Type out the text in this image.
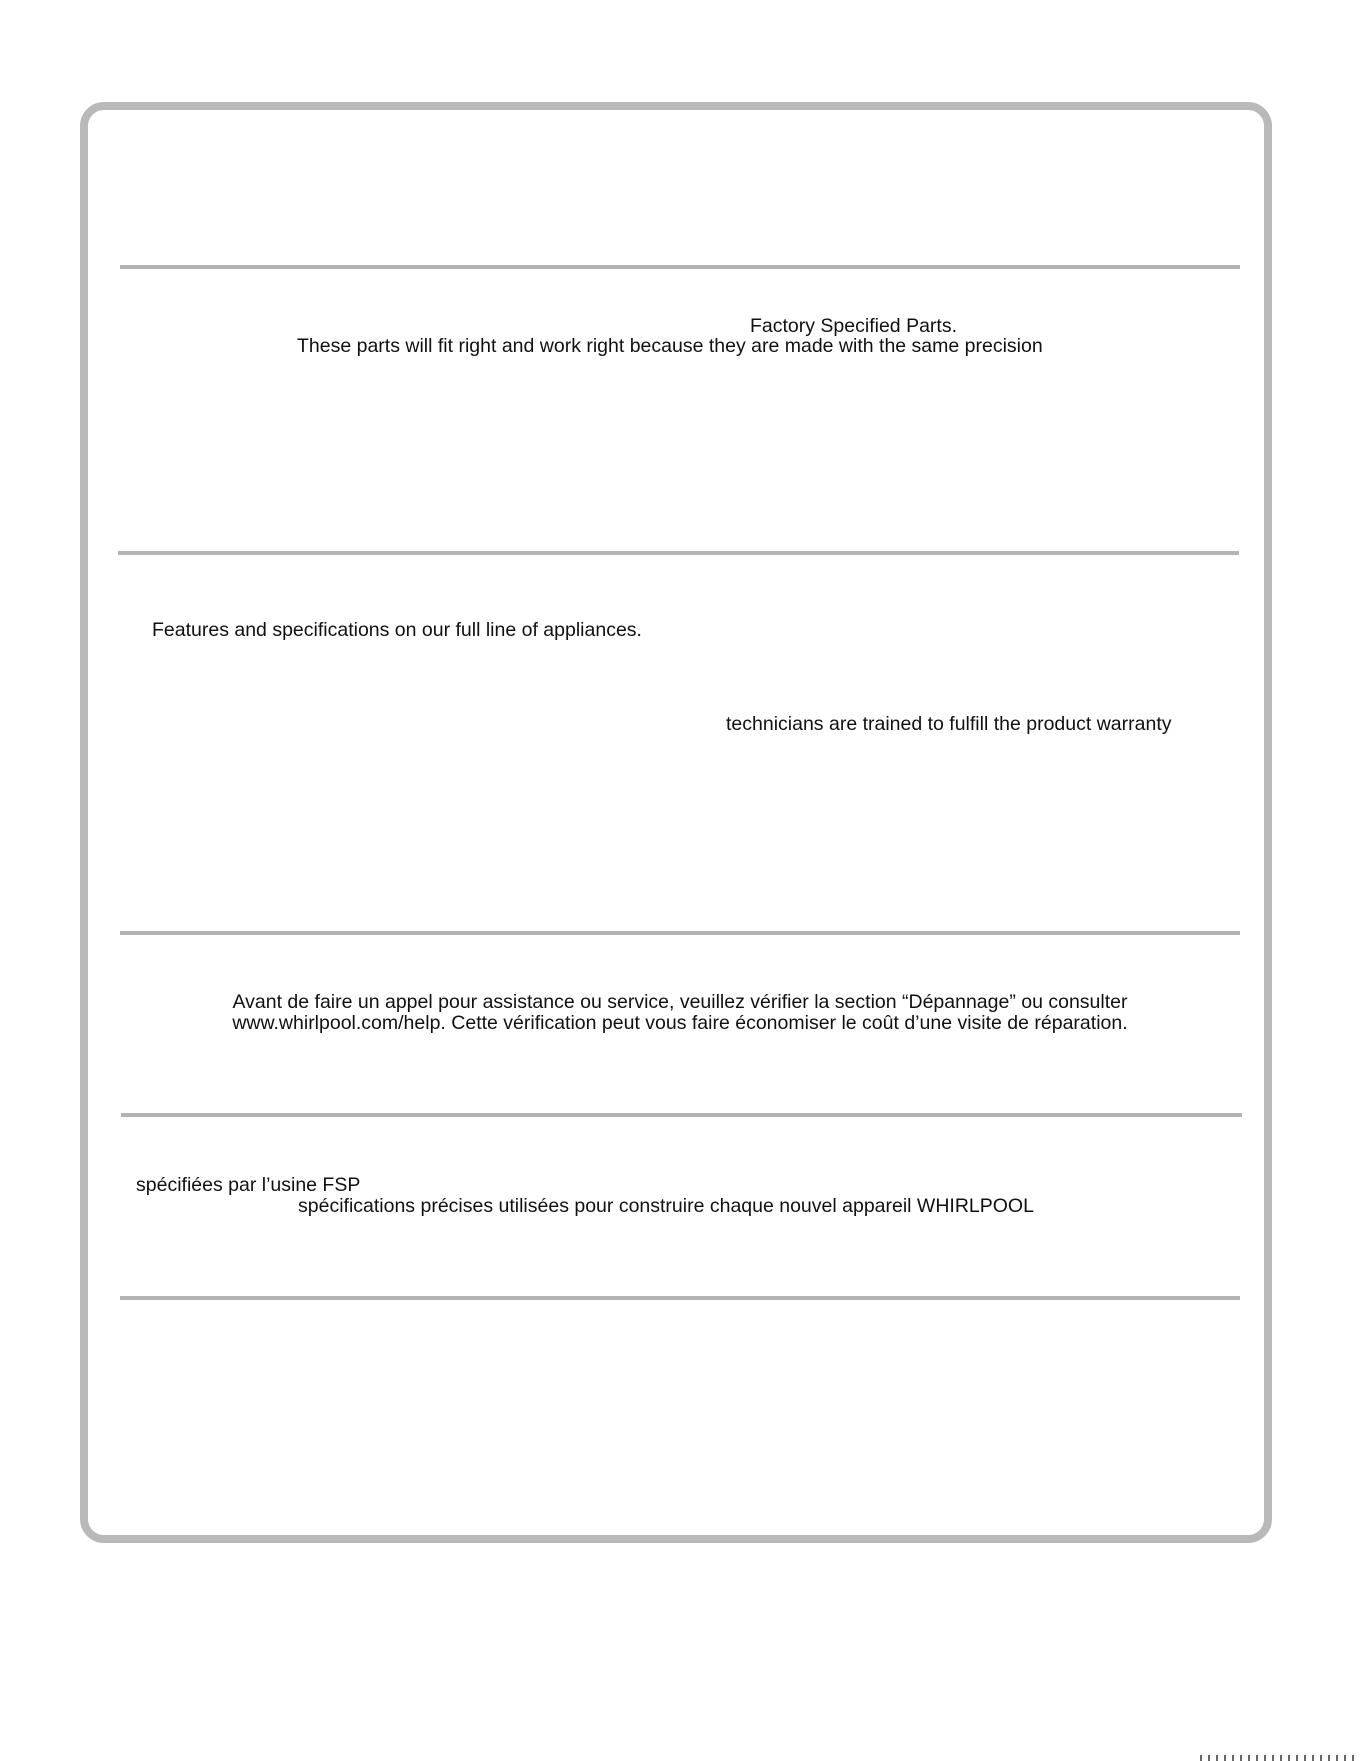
Factory Specified Parts.

These parts will fit right and work right because they are made with the same precision

Features and specifications on our full line of appliances.

technicians are trained to fulfill the product warranty

Avant de faire un appel pour assistance ou service, veuillez vérifier la section “Dépannage” ou consulter

www.whirlpool.com/help. Cette vérification peut vous faire économiser le coût d’une visite de réparation.

spécifiées par l’usine FSP

spécifications précises utilisées pour construire chaque nouvel appareil WHIRLPOOL
